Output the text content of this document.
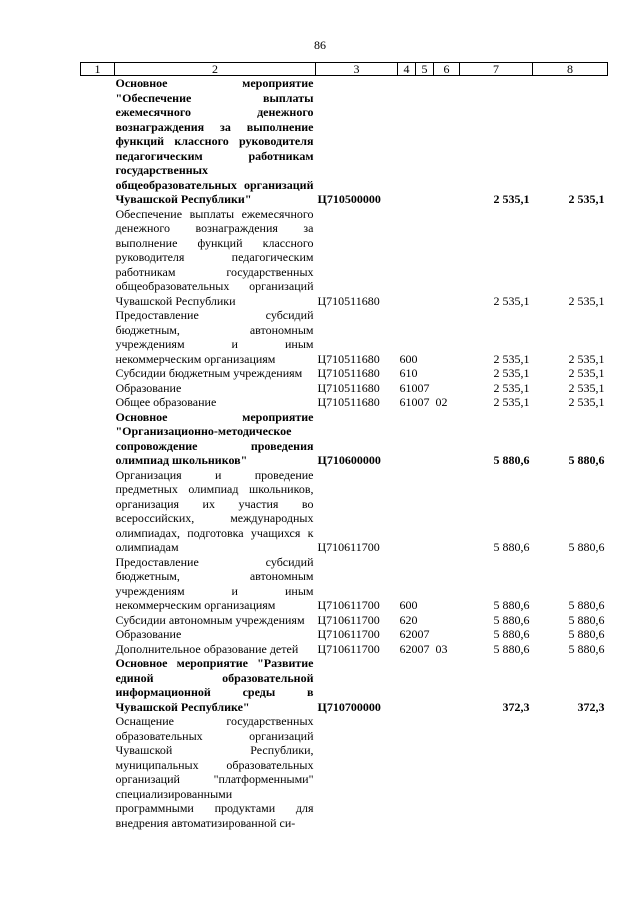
86
1	2	3	4	5	6	7	8
	Основное мероприятие "Обеспечение выплаты ежемесячного денежного вознаграждения за выполнение функций классного руководителя педагогическим работникам государственных общеобразовательных организаций Чувашской Республики"	Ц710500000				2 535,1	2 535,1
	Обеспечение выплаты ежемесячного денежного вознаграждения за выполнение функций классного руководителя педагогическим работникам государственных общеобразовательных организаций Чувашской Республики	Ц710511680				2 535,1	2 535,1
	Предоставление субсидий бюджетным, автономным учреждениям и иным некоммерческим организациям	Ц710511680	600			2 535,1	2 535,1
	Субсидии бюджетным учреждениям	Ц710511680	610			2 535,1	2 535,1
	Образование	Ц710511680	610	07		2 535,1	2 535,1
	Общее образование	Ц710511680	610	07	02	2 535,1	2 535,1
	Основное мероприятие "Организационно-методическое сопровождение проведения олимпиад школьников"	Ц710600000				5 880,6	5 880,6
	Организация и проведение предметных олимпиад школьников, организация их участия во всероссийских, международных олимпиадах, подготовка учащихся к олимпиадам	Ц710611700				5 880,6	5 880,6
	Предоставление субсидий бюджетным, автономным учреждениям и иным некоммерческим организациям	Ц710611700	600			5 880,6	5 880,6
	Субсидии автономным учреждениям	Ц710611700	620			5 880,6	5 880,6
	Образование	Ц710611700	620	07		5 880,6	5 880,6
	Дополнительное образование детей	Ц710611700	620	07	03	5 880,6	5 880,6
	Основное мероприятие "Развитие единой образовательной информационной среды в Чувашской Республике"	Ц710700000				372,3	372,3
	Оснащение государственных образовательных организаций Чувашской Республики, муниципальных образовательных организаций "платформенными" специализированными программными продуктами для внедрения автоматизированной си-						
